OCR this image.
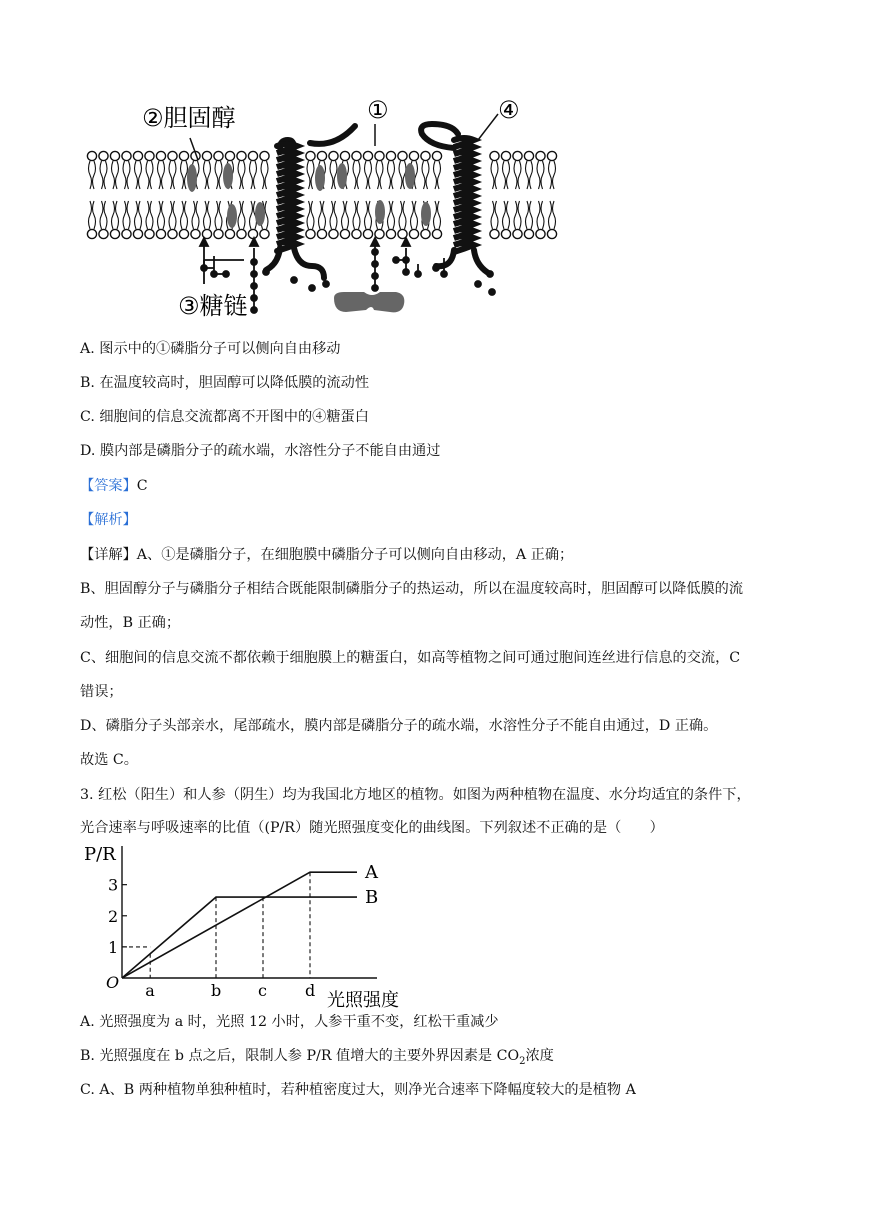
②胆固醇	①	④
③糖链
A. 图示中的①磷脂分子可以侧向自由移动
B. 在温度较高时，胆固醇可以降低膜的流动性
C. 细胞间的信息交流都离不开图中的④糖蛋白
D. 膜内部是磷脂分子的疏水端，水溶性分子不能自由通过
【答案】C
【解析】
【详解】A、①是磷脂分子，在细胞膜中磷脂分子可以侧向自由移动，A 正确；
B、胆固醇分子与磷脂分子相结合既能限制磷脂分子的热运动，所以在温度较高时，胆固醇可以降低膜的流
动性，B 正确；
C、细胞间的信息交流不都依赖于细胞膜上的糖蛋白，如高等植物之间可通过胞间连丝进行信息的交流，C
错误；
D、磷脂分子头部亲水，尾部疏水，膜内部是磷脂分子的疏水端，水溶性分子不能自由通过，D 正确。
故选 C。
3. 红松（阳生）和人参（阴生）均为我国北方地区的植物。如图为两种植物在温度、水分均适宜的条件下，
光合速率与呼吸速率的比值（(P/R）随光照强度变化的曲线图。下列叙述不正确的是（　　）
P/R
光照强度
O
1
2
3
a	b c d
A
B
A. 光照强度为 a 时，光照 12 小时，人参干重不变，红松干重减少
B. 光照强度在 b 点之后，限制人参 P/R 值增大的主要外界因素是 $CO_2$浓度
C. A、B 两种植物单独种植时，若种植密度过大，则净光合速率下降幅度较大的是植物 A
